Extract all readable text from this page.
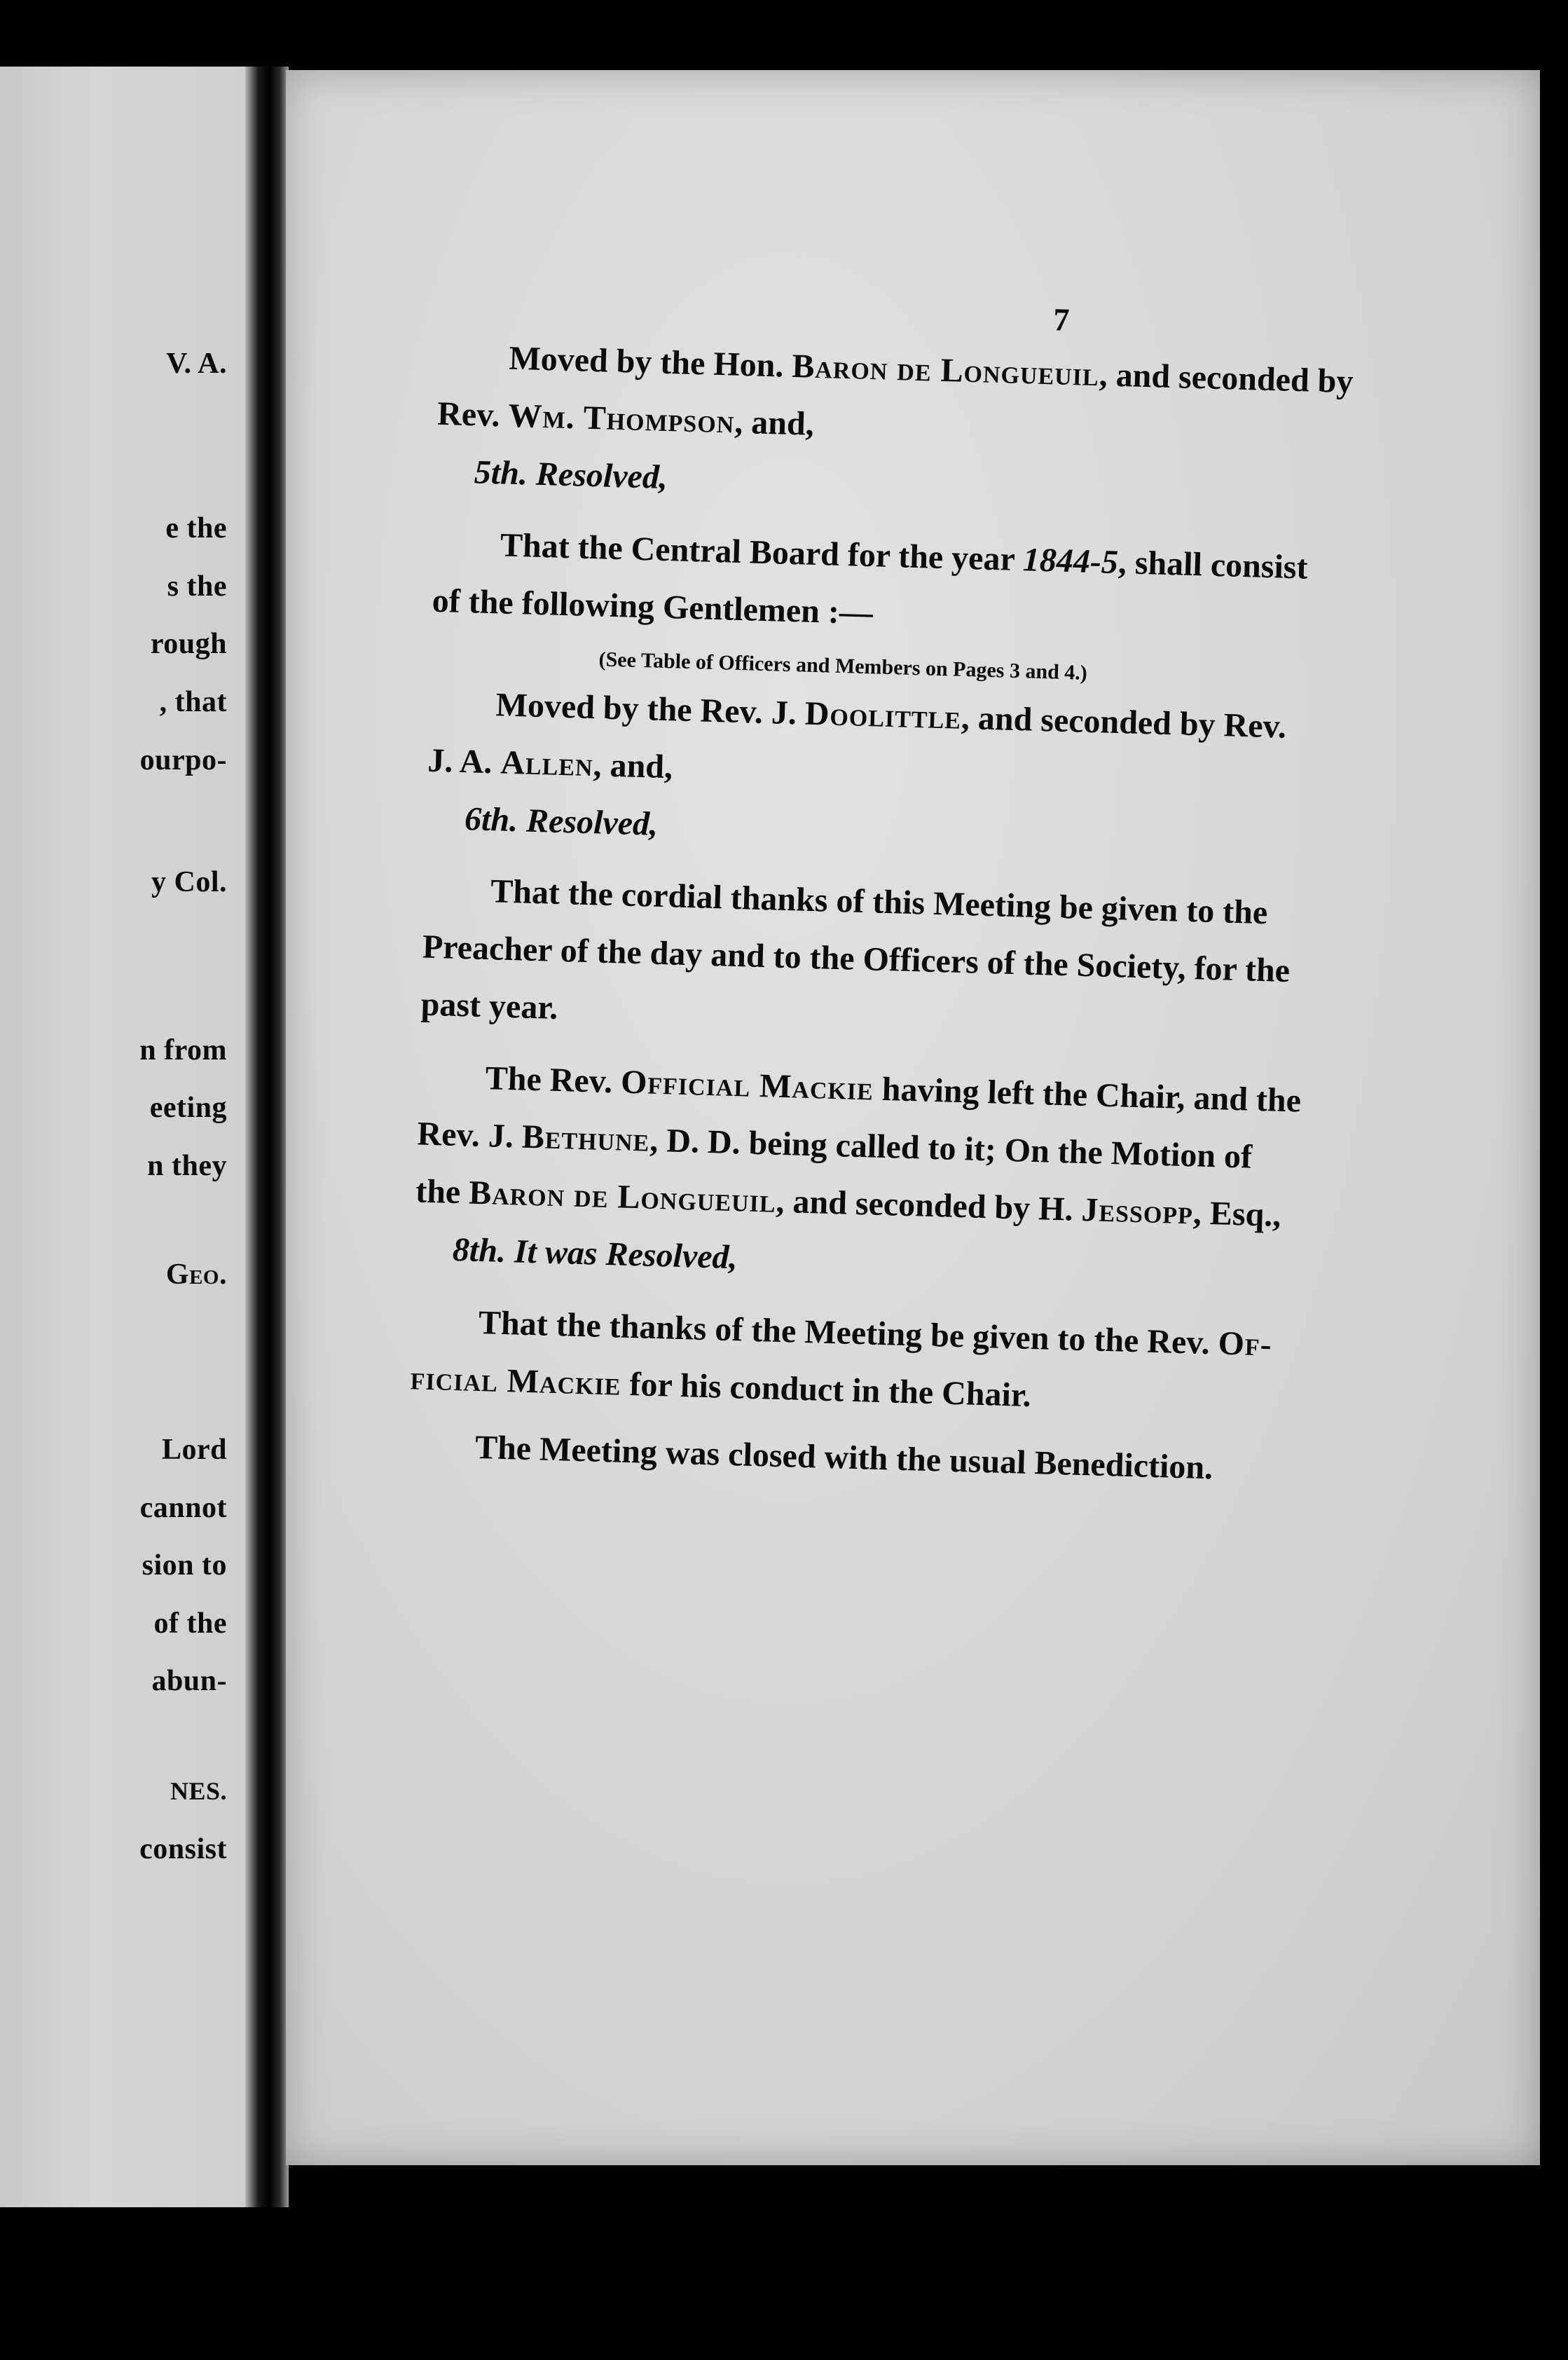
V. A.
e the
s the
rough
, that
ourpo-
y Col.
n from
eeting
n they
Geo.
Lord
cannot
sion to
of the
abun-
NES.
consist
7
Moved by the Hon. Baron de Longueuil, and seconded by
Rev. Wm. Thompson, and,
5th. Resolved,
That the Central Board for the year 1844-5, shall consist
of the following Gentlemen :—
(See Table of Officers and Members on Pages 3 and 4.)
Moved by the Rev. J. Doolittle, and seconded by Rev.
J. A. Allen, and,
6th. Resolved,
That the cordial thanks of this Meeting be given to the
Preacher of the day and to the Officers of the Society, for the
past year.
The Rev. Official Mackie having left the Chair, and the
Rev. J. Bethune, D. D. being called to it; On the Motion of
the Baron de Longueuil, and seconded by H. Jessopp, Esq.,
8th. It was Resolved,
That the thanks of the Meeting be given to the Rev. Of-
ficial Mackie for his conduct in the Chair.
The Meeting was closed with the usual Benediction.
